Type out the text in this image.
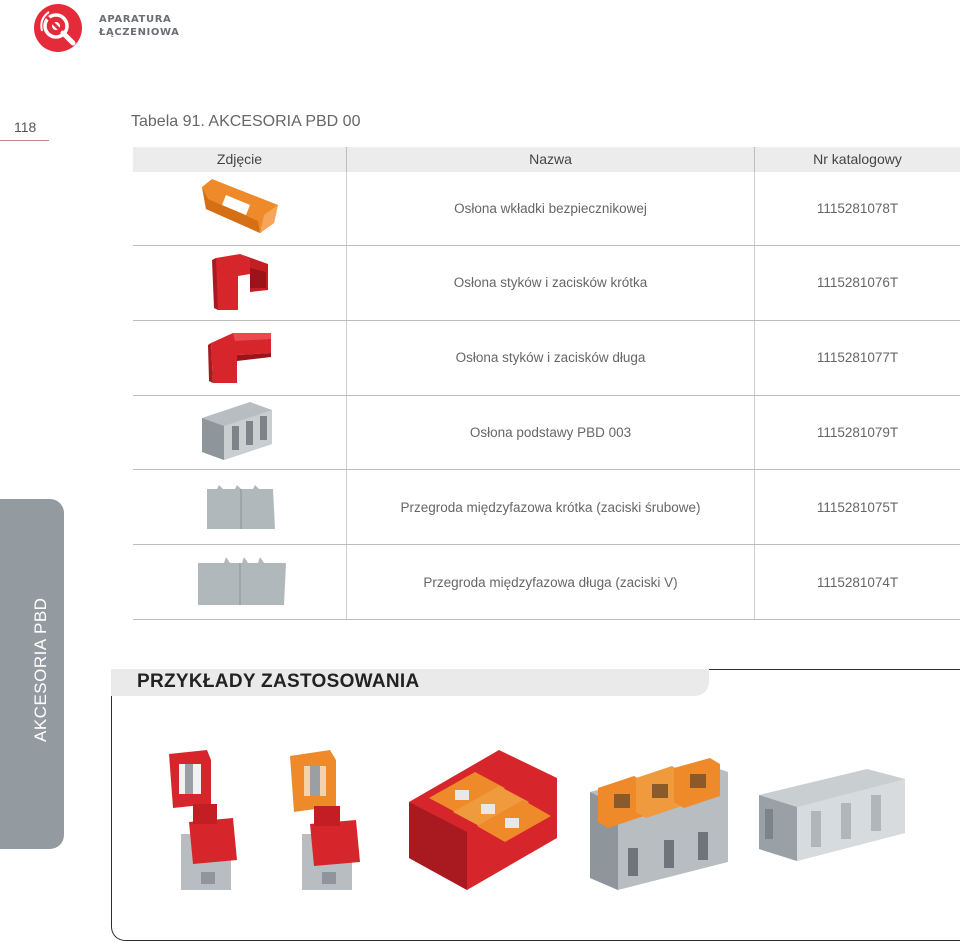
APARATURA
ŁĄCZENIOWA
118	Tabela 91. AKCESORIA PBD 00
Zdjęcie	Nazwa	Nr katalogowy
Osłona wkładki bezpiecznikowej	1115281078T
Osłona styków i zacisków krótka	1115281076T
Osłona styków i zacisków długa	1115281077T
Osłona podstawy PBD 003	1115281079T
Przegroda międzyfazowa krótka (zaciski śrubowe)	1115281075T
Przegroda międzyfazowa długa (zaciski V)	1115281074T
AKCESORIA PBD	PRZYKŁADY ZASTOSOWANIA
